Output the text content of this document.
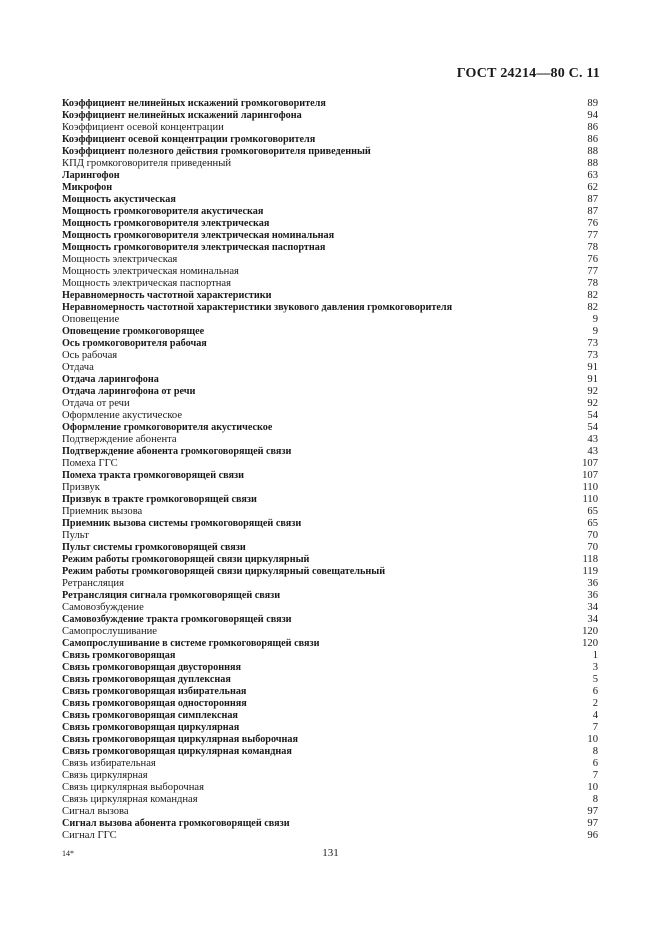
ГОСТ 24214—80 С. 11
Коэффициент нелинейных искажений громкоговорителя	89
Коэффициент нелинейных искажений ларингофона	94
Коэффициент осевой концентрации	86
Коэффициент осевой концентрации громкоговорителя	86
Коэффициент полезного действия громкоговорителя приведенный	88
КПД громкоговорителя приведенный	88
Ларингофон	63
Микрофон	62
Мощность акустическая	87
Мощность громкоговорителя акустическая	87
Мощность громкоговорителя электрическая	76
Мощность громкоговорителя электрическая номинальная	77
Мощность громкоговорителя электрическая паспортная	78
Мощность электрическая	76
Мощность электрическая номинальная	77
Мощность электрическая паспортная	78
Неравномерность частотной характеристики	82
Неравномерность частотной характеристики звукового давления громкоговорителя	82
Оповещение	9
Оповещение громкоговорящее	9
Ось громкоговорителя рабочая	73
Ось рабочая	73
Отдача	91
Отдача ларингофона	91
Отдача ларингофона от речи	92
Отдача от речи	92
Оформление акустическое	54
Оформление громкоговорителя акустическое	54
Подтверждение абонента	43
Подтверждение абонента громкоговорящей связи	43
Помеха ГГС	107
Помеха тракта громкоговорящей связи	107
Призвук	110
Призвук в тракте громкоговорящей связи	110
Приемник вызова	65
Приемник вызова системы громкоговорящей связи	65
Пульт	70
Пульт системы громкоговорящей связи	70
Режим работы громкоговорящей связи циркулярный	118
Режим работы громкоговорящей связи циркулярный совещательный	119
Ретрансляция	36
Ретрансляция сигнала громкоговорящей связи	36
Самовозбуждение	34
Самовозбуждение тракта громкоговорящей связи	34
Самопрослушивание	120
Самопрослушивание в системе громкоговорящей связи	120
Связь громкоговорящая	1
Связь громкоговорящая двусторонняя	3
Связь громкоговорящая дуплексная	5
Связь громкоговорящая избирательная	6
Связь громкоговорящая односторонняя	2
Связь громкоговорящая симплексная	4
Связь громкоговорящая циркулярная	7
Связь громкоговорящая циркулярная выборочная	10
Связь громкоговорящая циркулярная командная	8
Связь избирательная	6
Связь циркулярная	7
Связь циркулярная выборочная	10
Связь циркулярная командная	8
Сигнал вызова	97
Сигнал вызова абонента громкоговорящей связи	97
Сигнал ГГС	96
14*	131
